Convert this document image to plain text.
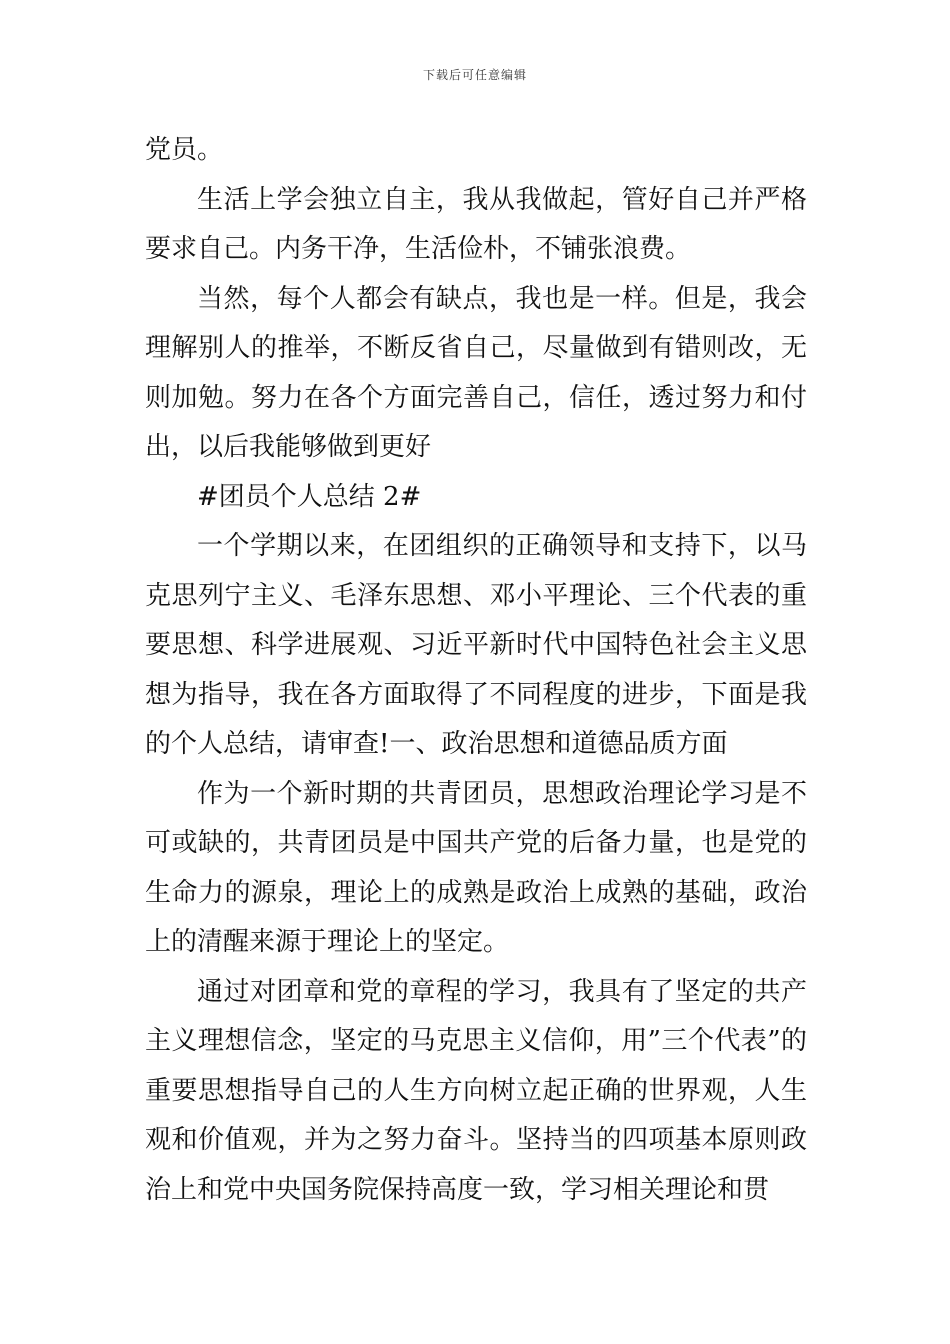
下载后可任意编辑

党员。

生活上学会独立自主，我从我做起，管好自己并严格要求自己。内务干净，生活俭朴，不铺张浪费。

当然，每个人都会有缺点，我也是一样。但是，我会理解别人的推举，不断反省自己，尽量做到有错则改，无则加勉。努力在各个方面完善自己，信任，透过努力和付出，以后我能够做到更好

#团员个人总结 2#

一个学期以来，在团组织的正确领导和支持下，以马克思列宁主义、毛泽东思想、邓小平理论、三个代表的重要思想、科学进展观、习近平新时代中国特色社会主义思想为指导，我在各方面取得了不同程度的进步，下面是我的个人总结，请审查!一、政治思想和道德品质方面

作为一个新时期的共青团员，思想政治理论学习是不可或缺的，共青团员是中国共产党的后备力量，也是党的生命力的源泉，理论上的成熟是政治上成熟的基础，政治上的清醒来源于理论上的坚定。

通过对团章和党的章程的学习，我具有了坚定的共产主义理想信念，坚定的马克思主义信仰，用”三个代表”的重要思想指导自己的人生方向树立起正确的世界观，人生观和价值观，并为之努力奋斗。坚持当的四项基本原则政治上和党中央国务院保持高度一致，学习相关理论和贯
